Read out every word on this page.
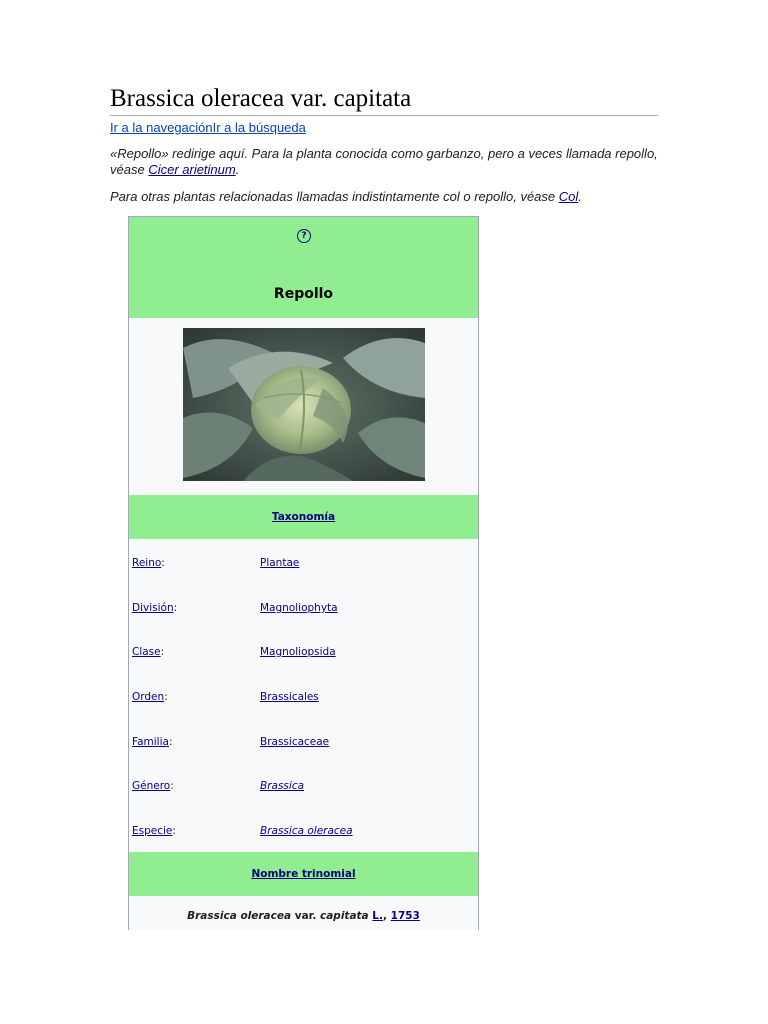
Brassica oleracea var. capitata
Ir a la navegaciónIr a la búsqueda
«Repollo» redirige aquí. Para la planta conocida como garbanzo, pero a veces llamada repollo, véase Cicer arietinum.
Para otras plantas relacionadas llamadas indistintamente col o repollo, véase Col.
?
Repollo
Taxonomía
Reino:	Plantae
División:	Magnoliophyta
Clase:	Magnoliopsida
Orden:	Brassicales
Familia:	Brassicaceae
Género:	Brassica
Especie:	Brassica oleracea
Nombre trinomial
Brassica oleracea var. capitata L., 1753
